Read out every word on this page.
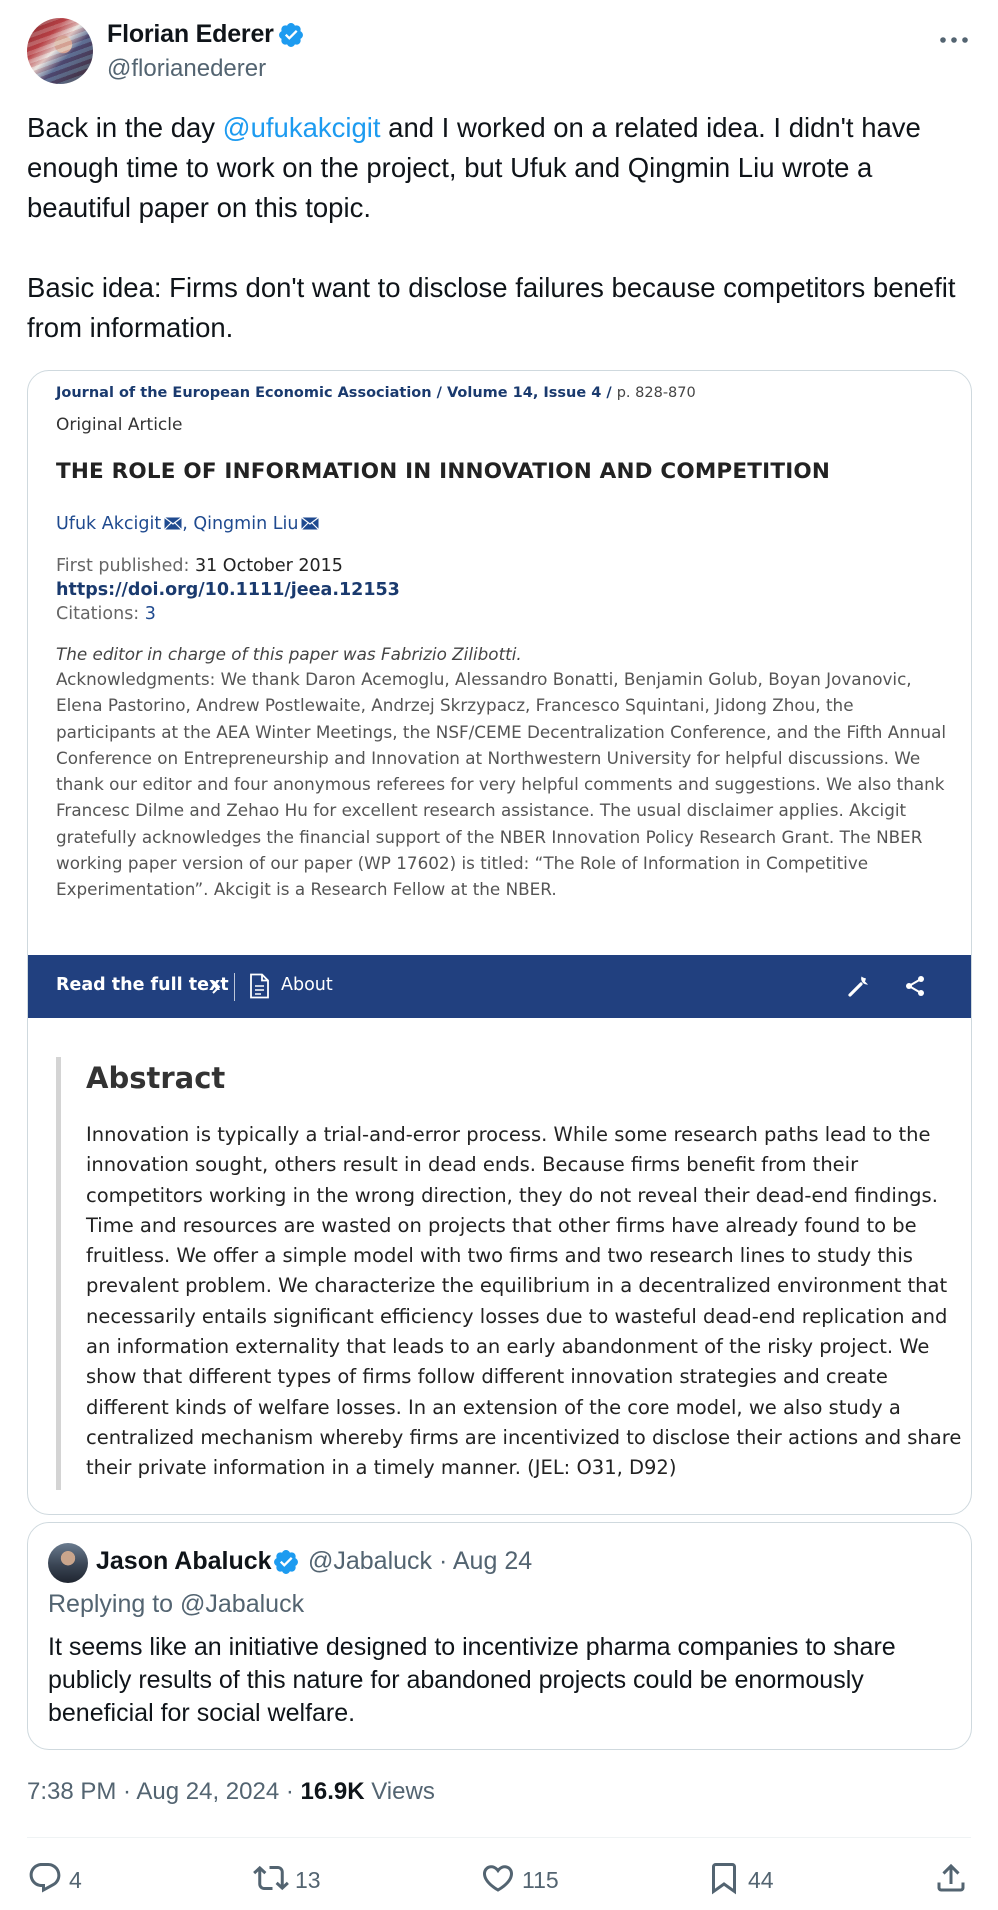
Florian Ederer
@florianederer

Back in the day @ufukakcigit and I worked on a related idea. I didn't have enough time to work on the project, but Ufuk and Qingmin Liu wrote a beautiful paper on this topic.

Basic idea: Firms don't want to disclose failures because competitors benefit from information.

Journal of the European Economic Association / Volume 14, Issue 4 / p. 828-870
Original Article
THE ROLE OF INFORMATION IN INNOVATION AND COMPETITION
Ufuk Akcigit , Qingmin Liu
First published: 31 October 2015
https://doi.org/10.1111/jeea.12153
Citations: 3
The editor in charge of this paper was Fabrizio Zilibotti.
Acknowledgments: We thank Daron Acemoglu, Alessandro Bonatti, Benjamin Golub, Boyan Jovanovic, Elena Pastorino, Andrew Postlewaite, Andrzej Skrzypacz, Francesco Squintani, Jidong Zhou, the participants at the AEA Winter Meetings, the NSF/CEME Decentralization Conference, and the Fifth Annual Conference on Entrepreneurship and Innovation at Northwestern University for helpful discussions. We thank our editor and four anonymous referees for very helpful comments and suggestions. We also thank Francesc Dilme and Zehao Hu for excellent research assistance. The usual disclaimer applies. Akcigit gratefully acknowledges the financial support of the NBER Innovation Policy Research Grant. The NBER working paper version of our paper (WP 17602) is titled: “The Role of Information in Competitive Experimentation”. Akcigit is a Research Fellow at the NBER.
Read the full text	About
Abstract
Innovation is typically a trial-and-error process. While some research paths lead to the innovation sought, others result in dead ends. Because firms benefit from their competitors working in the wrong direction, they do not reveal their dead-end findings. Time and resources are wasted on projects that other firms have already found to be fruitless. We offer a simple model with two firms and two research lines to study this prevalent problem. We characterize the equilibrium in a decentralized environment that necessarily entails significant efficiency losses due to wasteful dead-end replication and an information externality that leads to an early abandonment of the risky project. We show that different types of firms follow different innovation strategies and create different kinds of welfare losses. In an extension of the core model, we also study a centralized mechanism whereby firms are incentivized to disclose their actions and share their private information in a timely manner. (JEL: O31, D92)
Jason Abaluck @Jabaluck · Aug 24
Replying to @Jabaluck
It seems like an initiative designed to incentivize pharma companies to share publicly results of this nature for abandoned projects could be enormously beneficial for social welfare.
7:38 PM · Aug 24, 2024 · 16.9K Views
4	13	115	44
